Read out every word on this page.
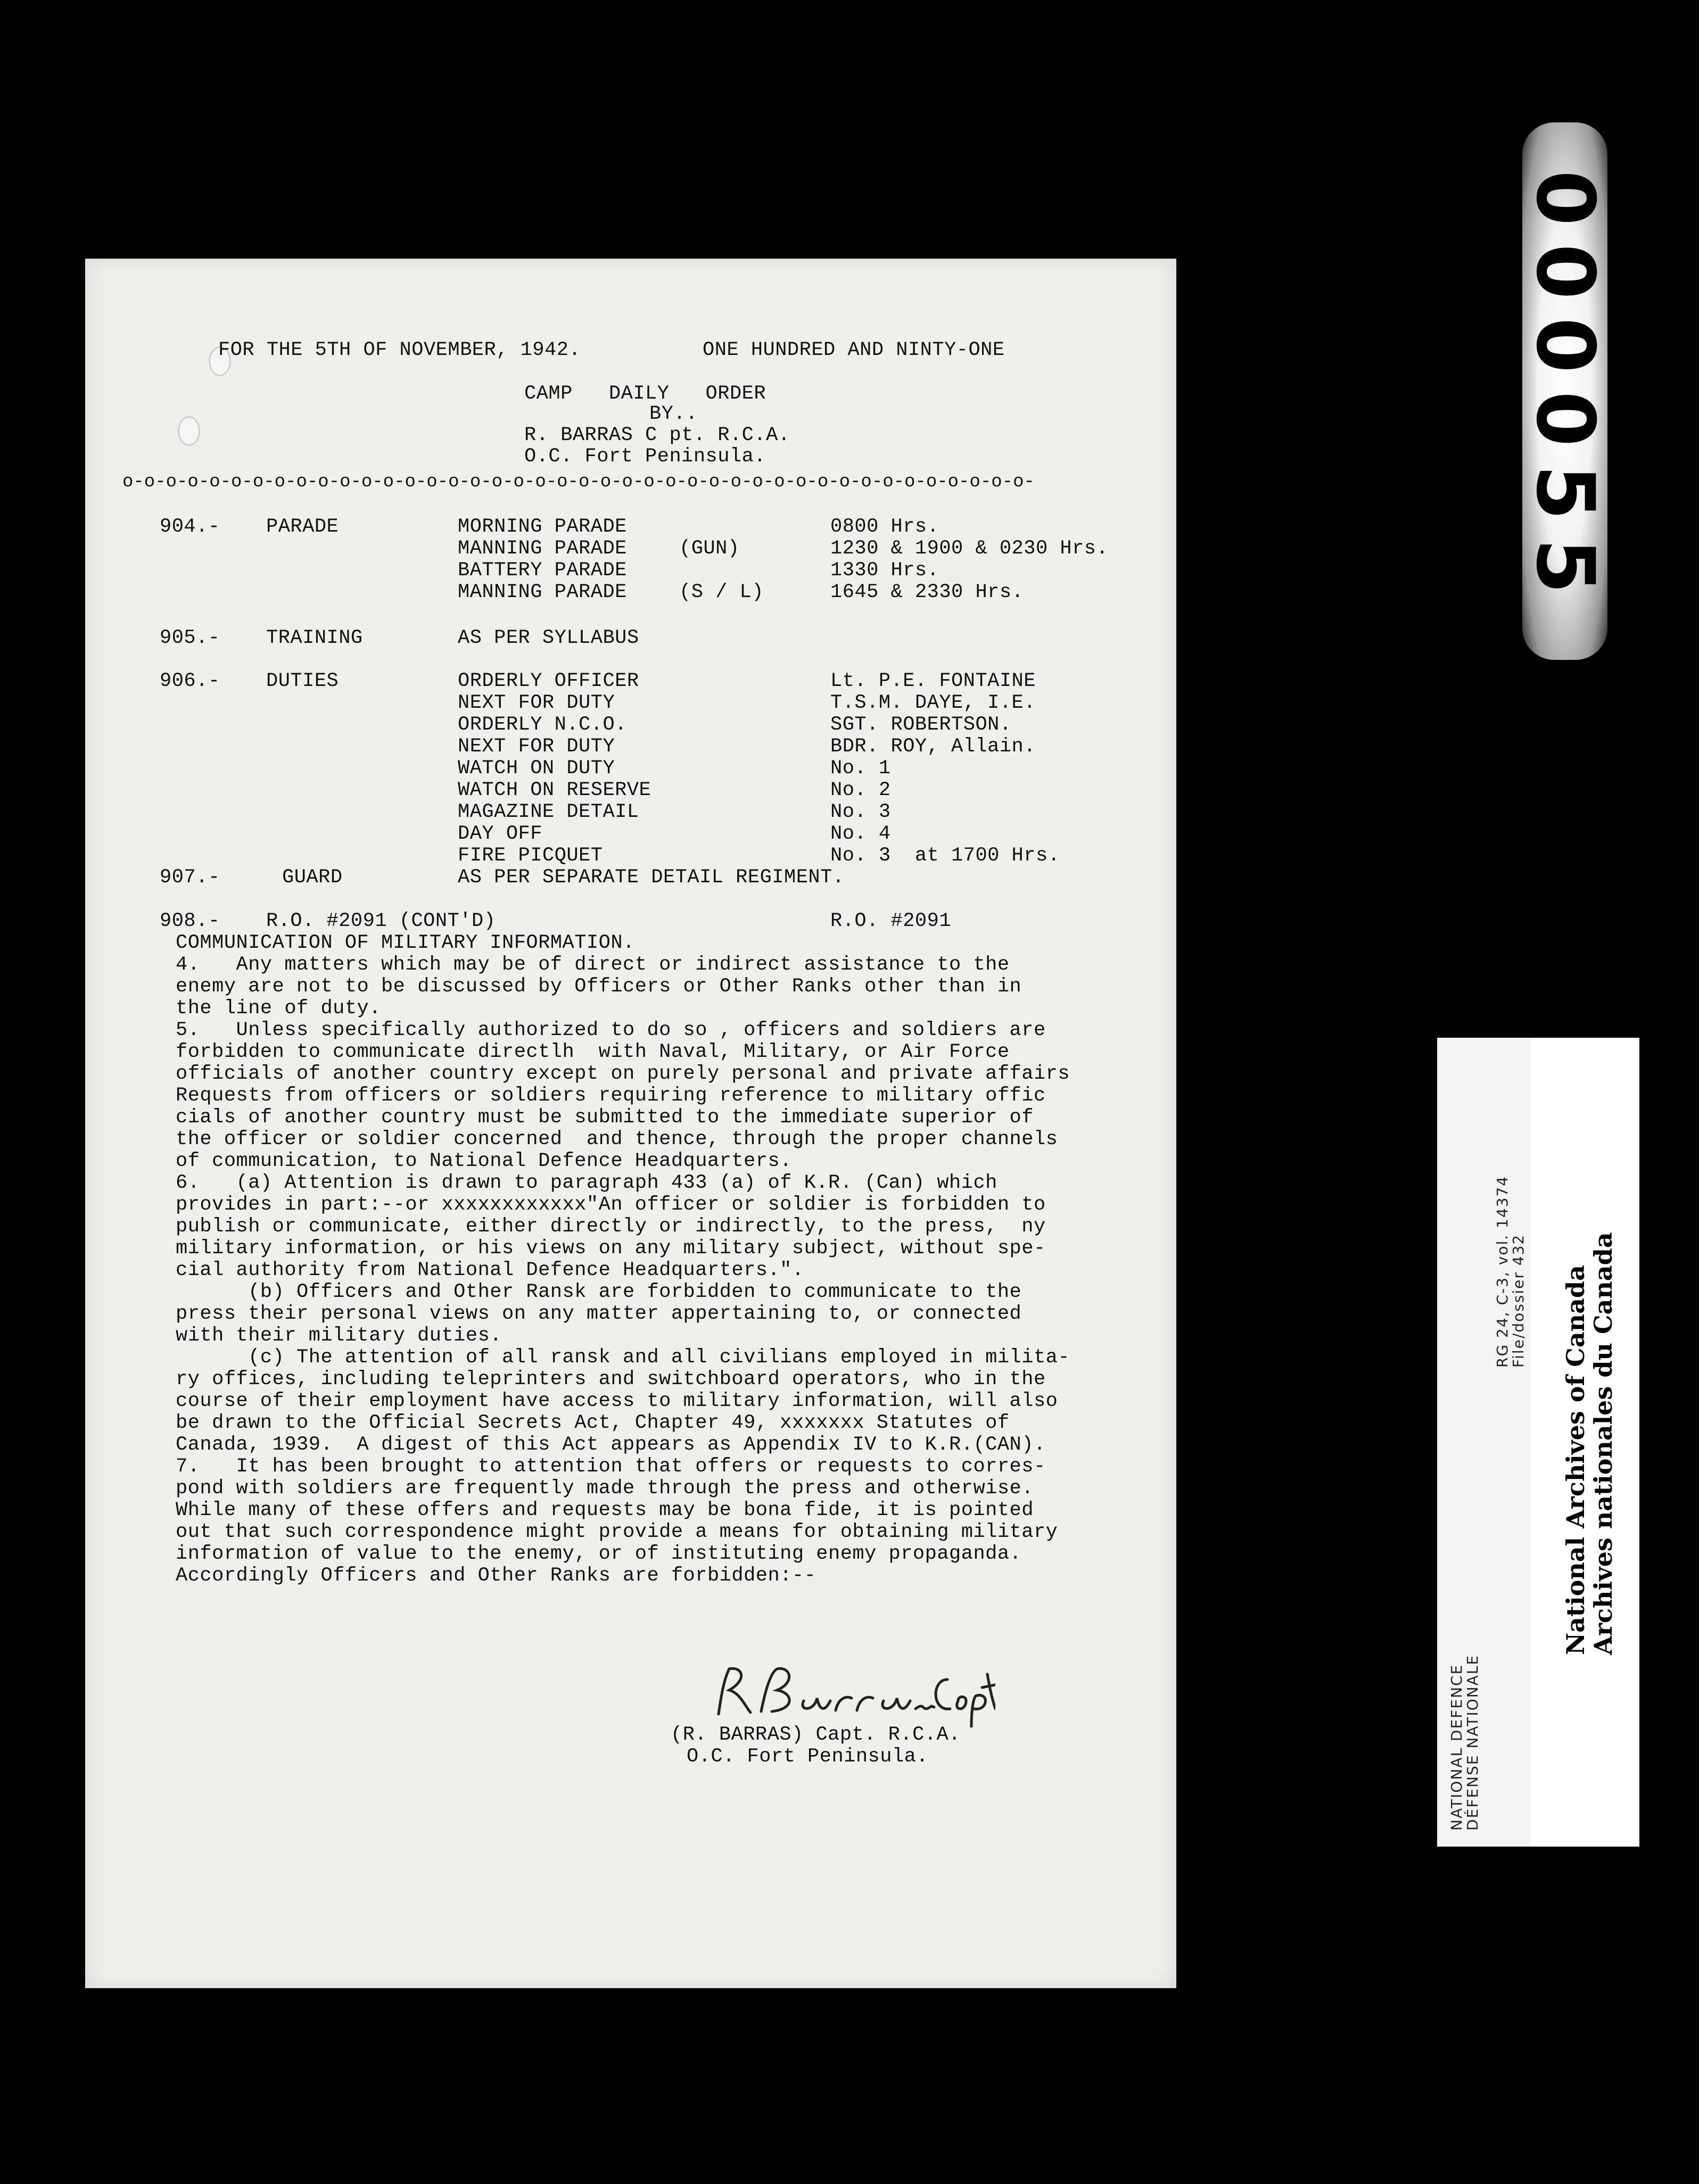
FOR THE 5TH OF NOVEMBER, 1942.	ONE HUNDRED AND NINTY-ONE
CAMP   DAILY   ORDER
BY..
R. BARRAS C pt. R.C.A.
O.C. Fort Peninsula.
o-o-o-o-o-o-o-o-o-o-o-o-o-o-o-o-o-o-o-o-o-o-o-o-o-o-o-o-o-o-o-o-o-o-o-o-o-o-o-o-o-o-
904.- PARADE	MORNING PARADE	0800 Hrs.
MANNING PARADE	(GUN)	1230 & 1900 & 0230 Hrs.
BATTERY PARADE	1330 Hrs.
MANNING PARADE	(S / L)	1645 & 2330 Hrs.
905.- TRAINING	AS PER SYLLABUS
906.- DUTIES	ORDERLY OFFICER	Lt. P.E. FONTAINE
NEXT FOR DUTY	T.S.M. DAYE, I.E.
ORDERLY N.C.O.	SGT. ROBERTSON.
NEXT FOR DUTY	BDR. ROY, Allain.
WATCH ON DUTY	No. 1
WATCH ON RESERVE	No. 2
MAGAZINE DETAIL	No. 3
DAY OFF	No. 4
FIRE PICQUET	No. 3  at 1700 Hrs.
907.-	GUARD	AS PER SEPARATE DETAIL REGIMENT.
908.- R.O. #2091 (CONT'D)	R.O. #2091
COMMUNICATION OF MILITARY INFORMATION.
4.   Any matters which may be of direct or indirect assistance to the
enemy are not to be discussed by Officers or Other Ranks other than in
the line of duty.
5.   Unless specifically authorized to do so , officers and soldiers are
forbidden to communicate directlh  with Naval, Military, or Air Force
officials of another country except on purely personal and private affairs
Requests from officers or soldiers requiring reference to military offic
cials of another country must be submitted to the immediate superior of
the officer or soldier concerned  and thence, through the proper channels
of communication, to National Defence Headquarters.
6.   (a) Attention is drawn to paragraph 433 (a) of K.R. (Can) which
provides in part:--or xxxxxxxxxxxx"An officer or soldier is forbidden to
publish or communicate, either directly or indirectly, to the press,  ny
military information, or his views on any military subject, without spe-
cial authority from National Defence Headquarters.".
(b) Officers and Other Ransk are forbidden to communicate to the
press their personal views on any matter appertaining to, or connected
with their military duties.
(c) The attention of all ransk and all civilians employed in milita-
ry offices, including teleprinters and switchboard operators, who in the
course of their employment have access to military information, will also
be drawn to the Official Secrets Act, Chapter 49, xxxxxxx Statutes of
Canada, 1939.  A digest of this Act appears as Appendix IV to K.R.(CAN).
7.   It has been brought to attention that offers or requests to corres-
pond with soldiers are frequently made through the press and otherwise.
While many of these offers and requests may be bona fide, it is pointed
out that such correspondence might provide a means for obtaining military
information of value to the enemy, or of instituting enemy propaganda.
Accordingly Officers and Other Ranks are forbidden:--
(R. BARRAS) Capt. R.C.A.
O.C. Fort Peninsula.
000055
NATIONAL DEFENCE
DÉFENSE NATIONALE
RG 24, C-3, vol. 14374
File/dossier 432 National Archives of Canada
Archives nationales du Canada
